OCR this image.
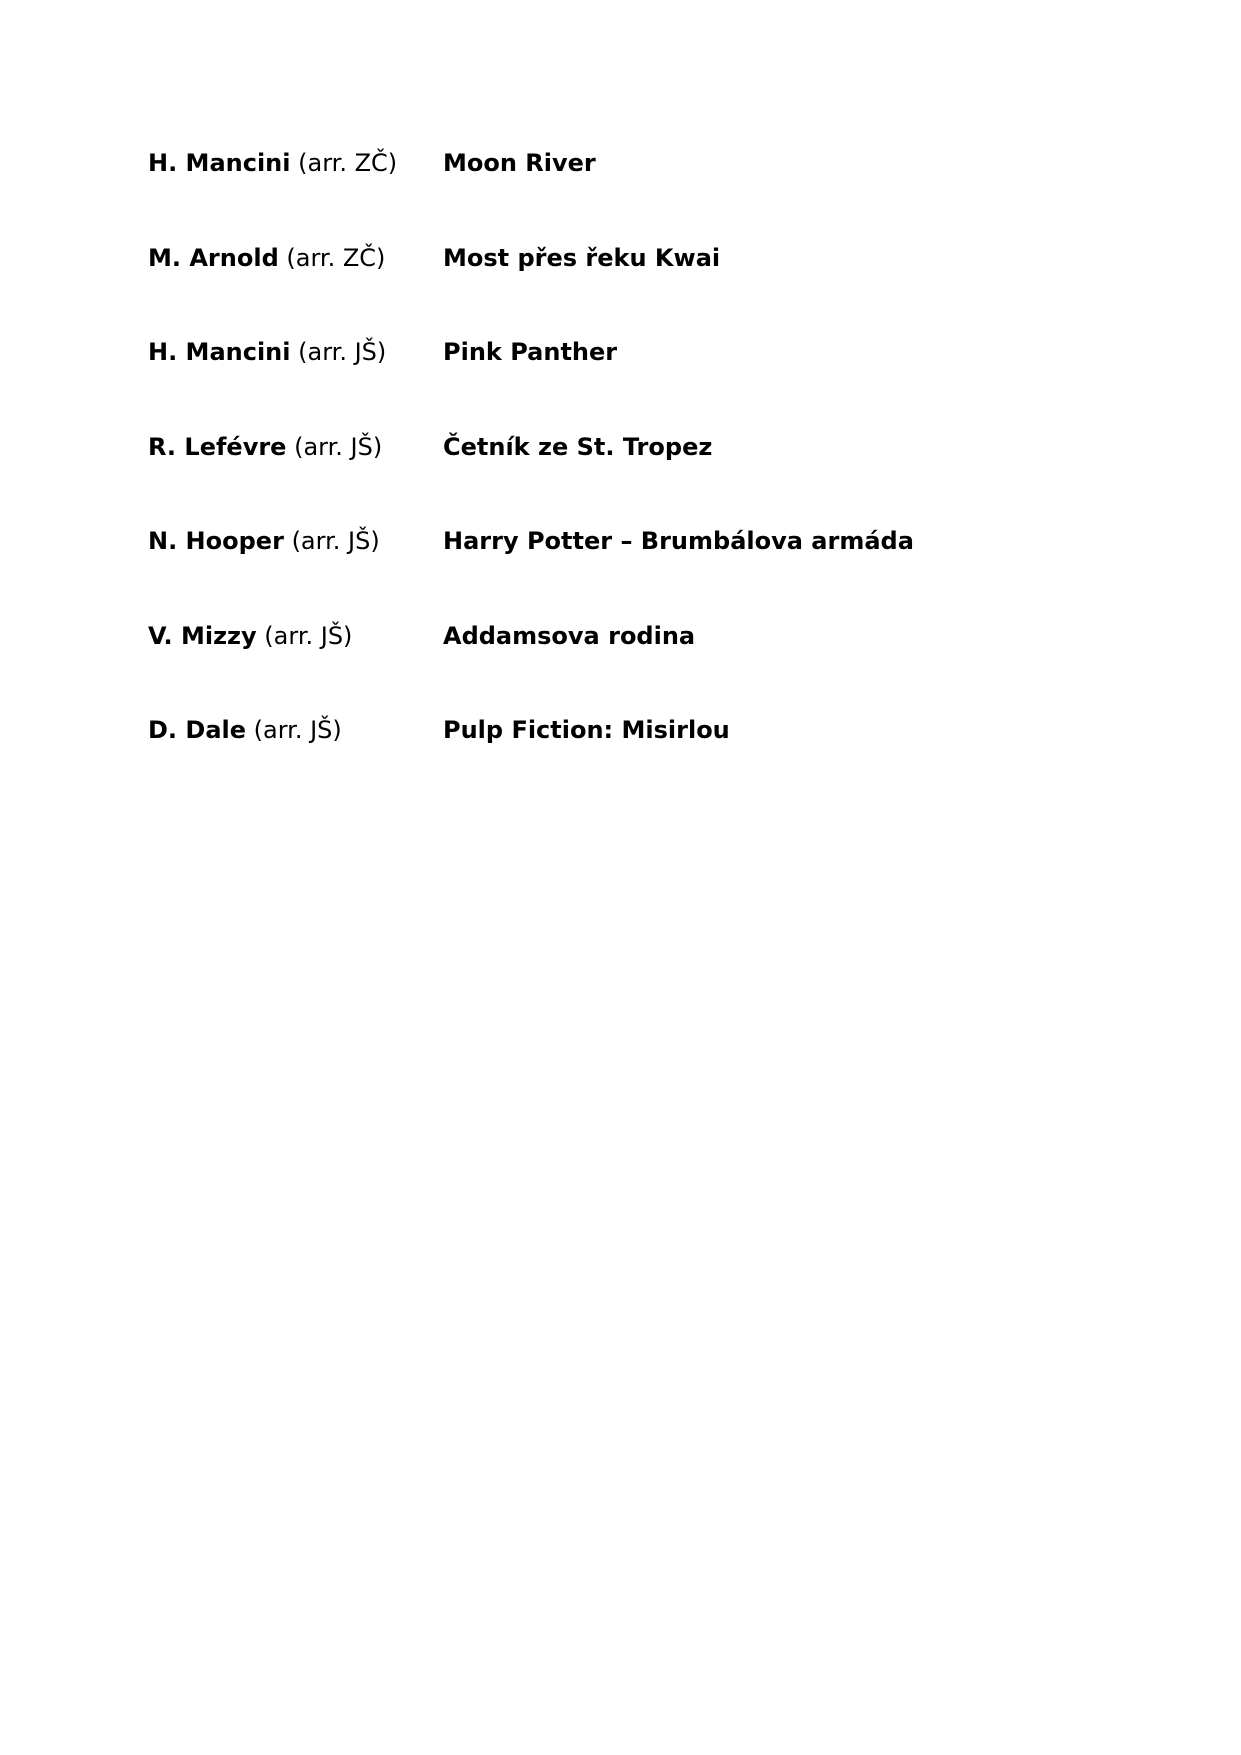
H. Mancini (arr. ZČ)	Moon River
M. Arnold (arr. ZČ)	Most přes řeku Kwai
H. Mancini (arr. JŠ)	Pink Panther
R. Lefévre (arr. JŠ)	Četník ze St. Tropez
N. Hooper (arr. JŠ)	Harry Potter – Brumbálova armáda
V. Mizzy (arr. JŠ)	Addamsova rodina
D. Dale (arr. JŠ)	Pulp Fiction: Misirlou
